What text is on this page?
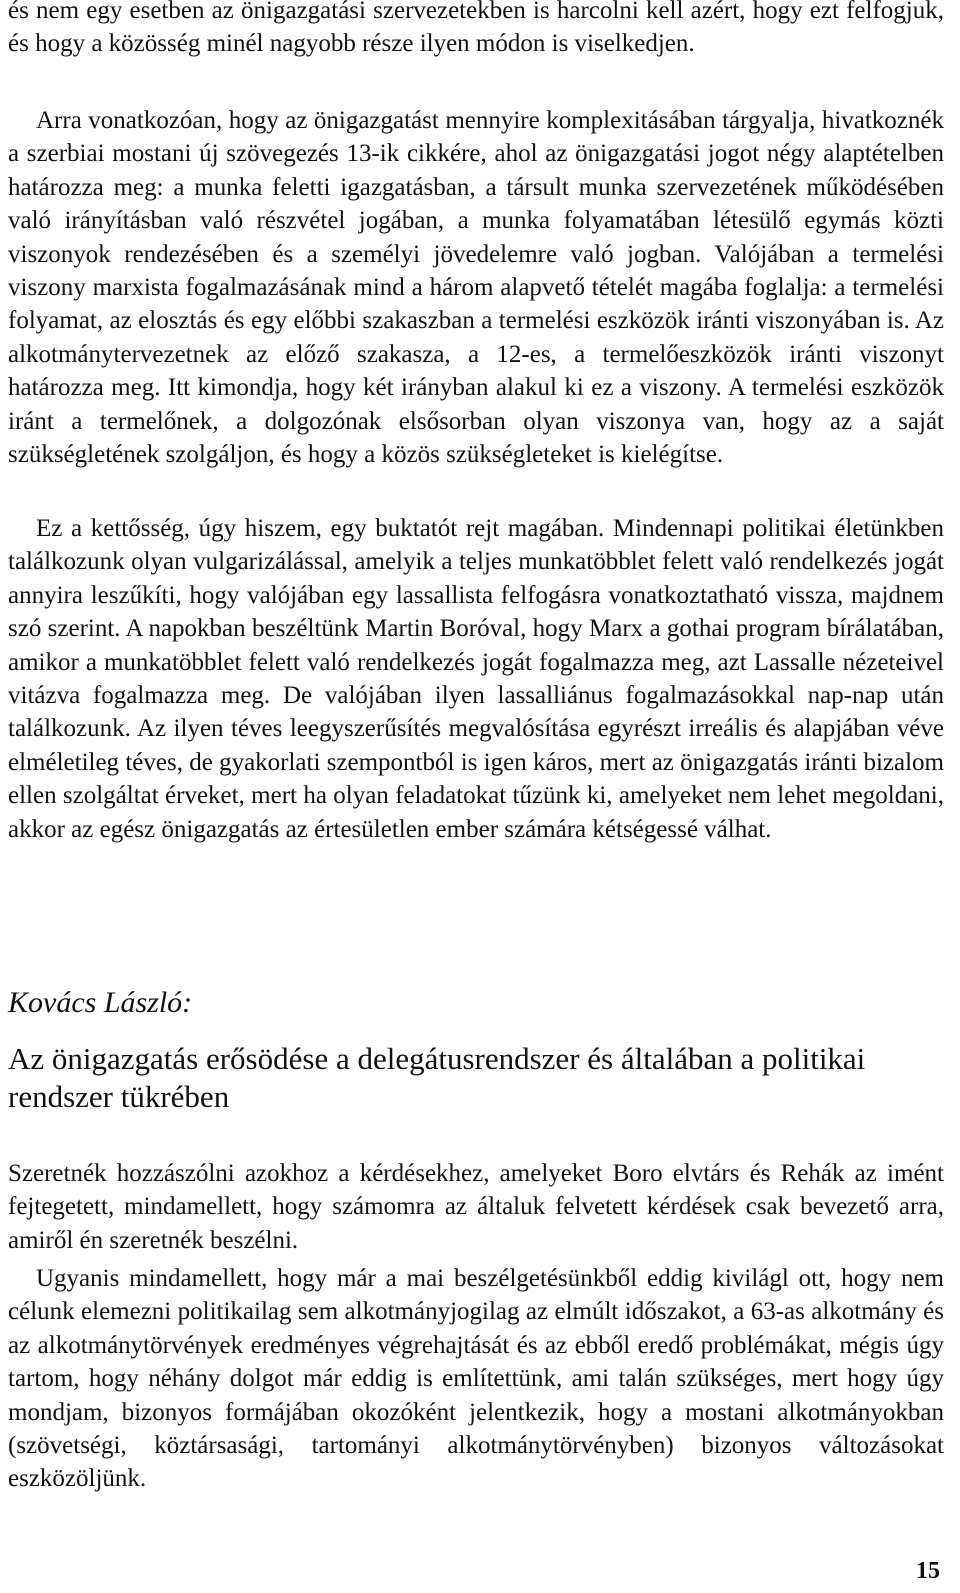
és nem egy esetben az önigazgatási szervezetekben is harcolni kell azért, hogy ezt felfogjuk, és hogy a közösség minél nagyobb része ilyen módon is viselkedjen.

Arra vonatkozóan, hogy az önigazgatást mennyire komplexitásában tárgyalja, hivatkoznék a szerbiai mostani új szövegezés 13-ik cikkére, ahol az önigazgatási jogot négy alaptételben határozza meg: a munka feletti igazgatásban, a társult munka szervezetének működésében való irányításban való részvétel jogában, a munka folyamatában létesülő egymás közti viszonyok rendezésében és a személyi jövedelemre való jogban. Valójában a termelési viszony marxista fogalmazásának mind a három alapvető tételét magába foglalja: a termelési folyamat, az elosztás és egy előbbi szakaszban a termelési eszközök iránti viszonyában is. Az alkotmánytervezetnek az előző szakasza, a 12-es, a termelőeszközök iránti viszonyt határozza meg. Itt kimondja, hogy két irányban alakul ki ez a viszony. A termelési eszközök iránt a termelőnek, a dolgozónak elsősorban olyan viszonya van, hogy az a saját szükségletének szolgáljon, és hogy a közös szükségleteket is kielégítse.

Ez a kettősség, úgy hiszem, egy buktatót rejt magában. Mindennapi politikai életünkben találkozunk olyan vulgarizálással, amelyik a teljes munkatöbblet felett való rendelkezés jogát annyira leszűkíti, hogy valójában egy lassallista felfogásra vonatkoztatható vissza, majdnem szó szerint. A napokban beszéltünk Martin Boróval, hogy Marx a gothai program bírálatában, amikor a munkatöbblet felett való rendelkezés jogát fogalmazza meg, azt Lassalle nézeteivel vitázva fogalmazza meg. De valójában ilyen lassalliánus fogalmazásokkal nap-nap után találkozunk. Az ilyen téves leegyszerűsítés megvalósítása egyrészt irreális és alapjában véve elméletileg téves, de gyakorlati szempontból is igen káros, mert az önigazgatás iránti bizalom ellen szolgáltat érveket, mert ha olyan feladatokat tűzünk ki, amelyeket nem lehet megoldani, akkor az egész önigazgatás az értesületlen ember számára kétségessé válhat.

Kovács László:

Az önigazgatás erősödése a delegátusrendszer és általában a politikai rendszer tükrében

Szeretnék hozzászólni azokhoz a kérdésekhez, amelyeket Boro elvtárs és Rehák az imént fejtegetett, mindamellett, hogy számomra az általuk felvetett kérdések csak bevezető arra, amiről én szeretnék beszélni.

Ugyanis mindamellett, hogy már a mai beszélgetésünkből eddig kivilágl ott, hogy nem célunk elemezni politikailag sem alkotmányjogilag az elmúlt időszakot, a 63-as alkotmány és az alkotmánytörvények eredményes végrehajtását és az ebből eredő problémákat, mégis úgy tartom, hogy néhány dolgot már eddig is említettünk, ami talán szükséges, mert hogy úgy mondjam, bizonyos formájában okozóként jelentkezik, hogy a mostani alkotmányokban (szövetségi, köztársasági, tartományi alkotmánytörvényben) bizonyos változásokat eszközöljünk.

15
